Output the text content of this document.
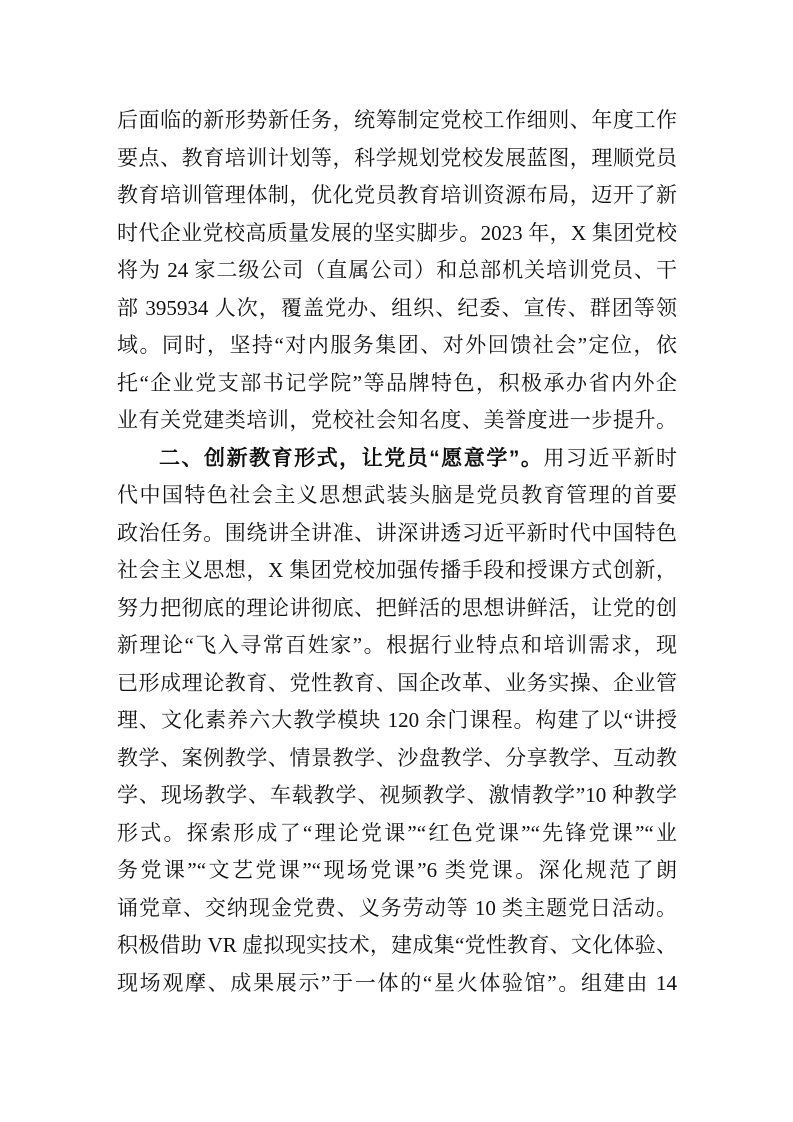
后面临的新形势新任务，统筹制定党校工作细则、年度工作
要点、教育培训计划等，科学规划党校发展蓝图，理顺党员
教育培训管理体制，优化党员教育培训资源布局，迈开了新
时代企业党校高质量发展的坚实脚步。2023 年，X 集团党校
将为 24 家二级公司（直属公司）和总部机关培训党员、干
部 395934 人次，覆盖党办、组织、纪委、宣传、群团等领
域。同时，坚持“对内服务集团、对外回馈社会”定位，依
托“企业党支部书记学院”等品牌特色，积极承办省内外企
业有关党建类培训，党校社会知名度、美誉度进一步提升。
二、创新教育形式，让党员“愿意学”。用习近平新时
代中国特色社会主义思想武装头脑是党员教育管理的首要
政治任务。围绕讲全讲准、讲深讲透习近平新时代中国特色
社会主义思想，X 集团党校加强传播手段和授课方式创新，
努力把彻底的理论讲彻底、把鲜活的思想讲鲜活，让党的创
新理论“飞入寻常百姓家”。根据行业特点和培训需求，现
已形成理论教育、党性教育、国企改革、业务实操、企业管
理、文化素养六大教学模块 120 余门课程。构建了以“讲授
教学、案例教学、情景教学、沙盘教学、分享教学、互动教
学、现场教学、车载教学、视频教学、激情教学”10 种教学
形式。探索形成了“理论党课”“红色党课”“先锋党课”“业
务党课”“文艺党课”“现场党课”6 类党课。深化规范了朗
诵党章、交纳现金党费、义务劳动等 10 类主题党日活动。
积极借助 VR 虚拟现实技术，建成集“党性教育、文化体验、
现场观摩、成果展示”于一体的“星火体验馆”。组建由 14
